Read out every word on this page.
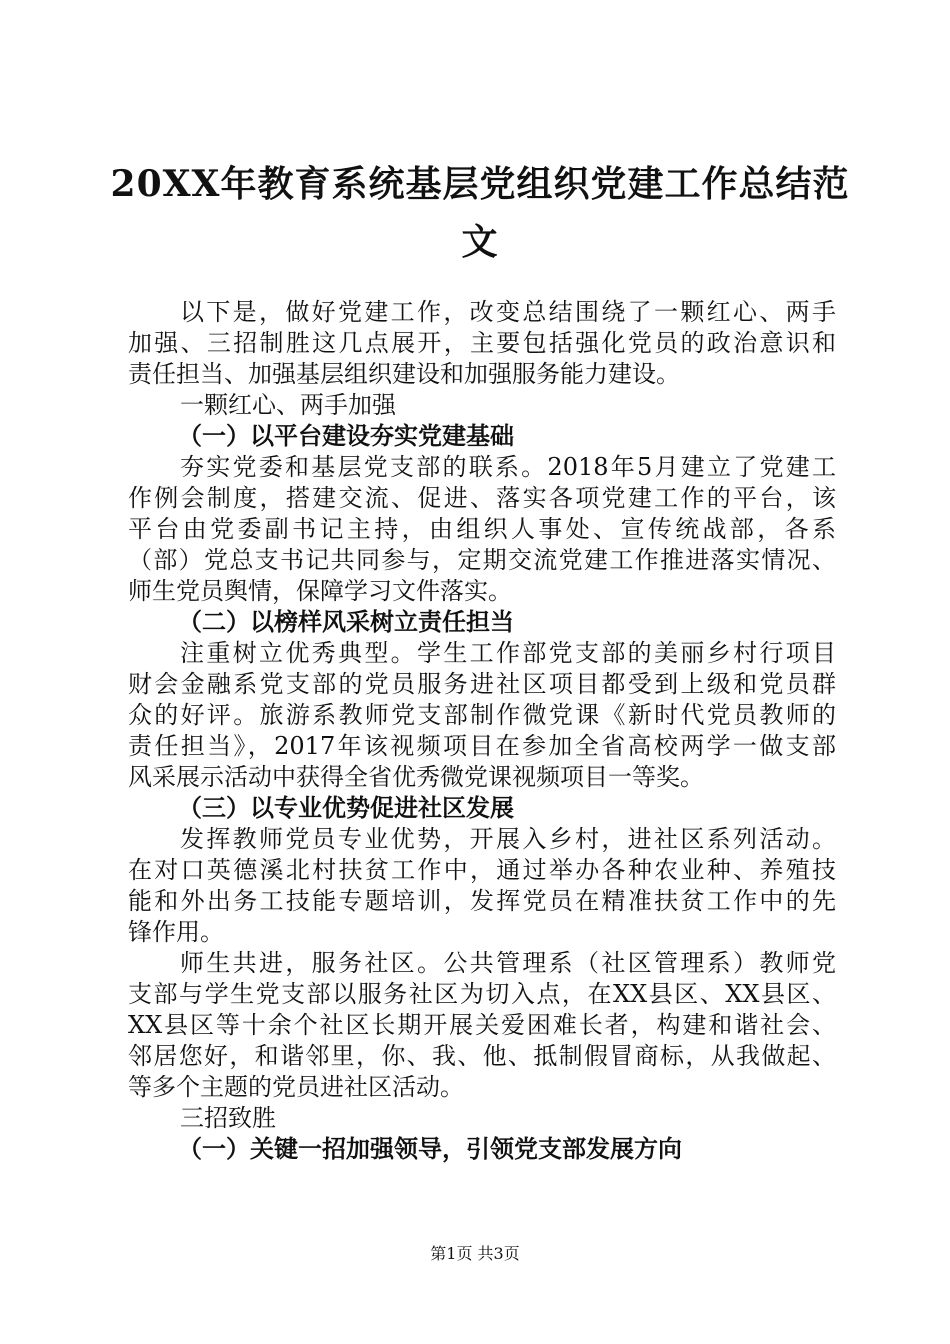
20XX年教育系统基层党组织党建工作总结范
文
以下是，做好党建工作，改变总结围绕了一颗红心、两手
加强、三招制胜这几点展开，主要包括强化党员的政治意识和
责任担当、加强基层组织建设和加强服务能力建设。
一颗红心、两手加强
（一）以平台建设夯实党建基础
夯实党委和基层党支部的联系。2018年5月建立了党建工
作例会制度，搭建交流、促进、落实各项党建工作的平台，该
平台由党委副书记主持，由组织人事处、宣传统战部，各系
（部）党总支书记共同参与，定期交流党建工作推进落实情况、
师生党员舆情，保障学习文件落实。
（二）以榜样风采树立责任担当
注重树立优秀典型。学生工作部党支部的美丽乡村行项目
财会金融系党支部的党员服务进社区项目都受到上级和党员群
众的好评。旅游系教师党支部制作微党课《新时代党员教师的
责任担当》，2017年该视频项目在参加全省高校两学一做支部
风采展示活动中获得全省优秀微党课视频项目一等奖。
（三）以专业优势促进社区发展
发挥教师党员专业优势，开展入乡村，进社区系列活动。
在对口英德溪北村扶贫工作中，通过举办各种农业种、养殖技
能和外出务工技能专题培训，发挥党员在精准扶贫工作中的先
锋作用。
师生共进，服务社区。公共管理系（社区管理系）教师党
支部与学生党支部以服务社区为切入点，在XX县区、XX县区、
XX县区等十余个社区长期开展关爱困难长者，构建和谐社会、
邻居您好，和谐邻里，你、我、他、抵制假冒商标，从我做起、
等多个主题的党员进社区活动。
三招致胜
（一）关键一招加强领导，引领党支部发展方向
第1页 共3页
